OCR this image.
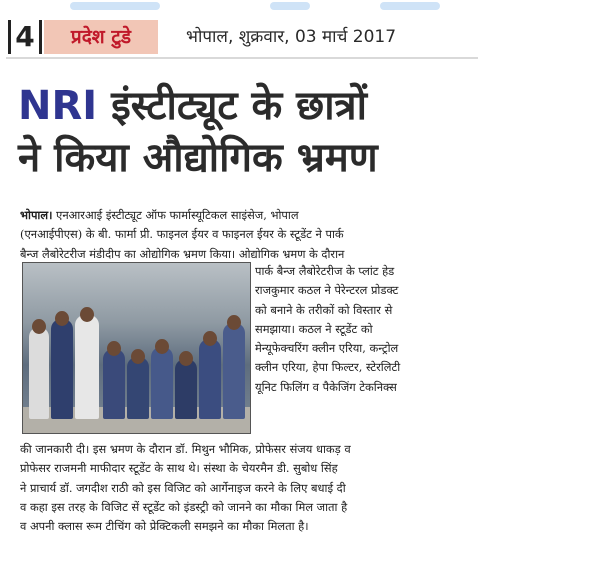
4	प्रदेश टुडे	भोपाल, शुक्रवार, 03 मार्च 2017
NRI इंस्टीट्यूट के छात्रों
ने किया औद्योगिक भ्रमण
भोपाल। एनआरआई इंस्टीट्यूट ऑफ फार्मास्यूटिकल साइंसेज, भोपाल
(एनआईपीएस) के बी. फार्मा प्री. फाइनल ईयर व फाइनल ईयर के स्टूडेंट ने पार्क
बैन्ज लैबोरेटरीज मंडीदीप का ओद्योगिक भ्रमण किया। ओद्योगिक भ्रमण के दौरान
पार्क बैन्ज लैबोरेटरीज के प्लांट हेड
राजकुमार कठल ने पेरेन्टरल प्रोडक्ट
को बनाने के तरीकों को विस्तार से
समझाया। कठल ने स्टूडेंट को
मेन्यूफेक्चरिंग क्लीन एरिया, कन्ट्रोल
क्लीन एरिया, हेपा फिल्टर, स्टेरलिटी
यूनिट फिलिंग व पैकेजिंग टेकनिक्स
की जानकारी दी। इस भ्रमण के दौरान डॉ. मिथुन भौमिक, प्रोफेसर संजय धाकड़ व
प्रोफेसर राजमनी माफीदार स्टूडेंट के साथ थे। संस्था के चेयरमैन डी. सुबोध सिंह
ने प्राचार्य डॉ. जगदीश राठी को इस विजिट को आर्गेनाइज करने के लिए बधाई दी
व कहा इस तरह के विजिट सें स्टूडेंट को इंडस्ट्री को जानने का मौका मिल जाता है
व अपनी क्लास रूम टीचिंग को प्रेक्टिकली समझने का मौका मिलता है।
